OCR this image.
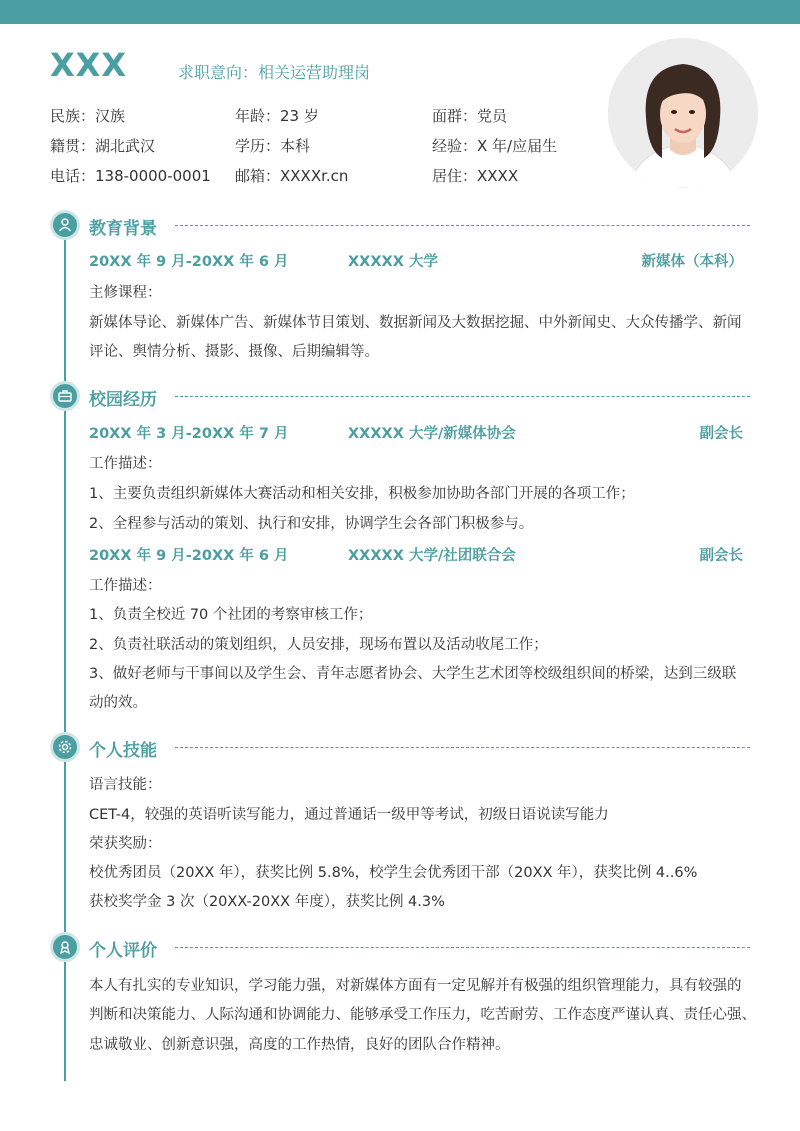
XXX	求职意向：相关运营助理岗
民族：汉族	年龄：23 岁	面群：党员
籍贯：湖北武汉	学历：本科	经验：X 年/应届生
电话：138-0000-0001 邮箱：XXXXr.cn	居住：XXXX
教育背景
20XX 年 9 月-20XX 年 6 月	XXXXX 大学	新媒体（本科）
主修课程：
新媒体导论、新媒体广告、新媒体节目策划、数据新闻及大数据挖掘、中外新闻史、大众传播学、新闻
评论、舆情分析、摄影、摄像、后期编辑等。
校园经历
20XX 年 3 月-20XX 年 7 月	XXXXX 大学/新媒体协会	副会长
工作描述：
1、主要负责组织新媒体大赛活动和相关安排，积极参加协助各部门开展的各项工作；
2、全程参与活动的策划、执行和安排，协调学生会各部门积极参与。
20XX 年 9 月-20XX 年 6 月	XXXXX 大学/社团联合会	副会长
工作描述：
1、负责全校近 70 个社团的考察审核工作；
2、负责社联活动的策划组织，人员安排，现场布置以及活动收尾工作；
3、做好老师与干事间以及学生会、青年志愿者协会、大学生艺术团等校级组织间的桥梁，达到三级联
动的效。
个人技能
语言技能：
CET-4，较强的英语听读写能力，通过普通话一级甲等考试，初级日语说读写能力
荣获奖励：
校优秀团员（20XX 年），获奖比例 5.8%，校学生会优秀团干部（20XX 年），获奖比例 4..6%
获校奖学金 3 次（20XX-20XX 年度），获奖比例 4.3%
个人评价
本人有扎实的专业知识，学习能力强，对新媒体方面有一定见解并有极强的组织管理能力，具有较强的
判断和决策能力、人际沟通和协调能力、能够承受工作压力，吃苦耐劳、工作态度严谨认真、责任心强、
忠诚敬业、创新意识强，高度的工作热情，良好的团队合作精神。
